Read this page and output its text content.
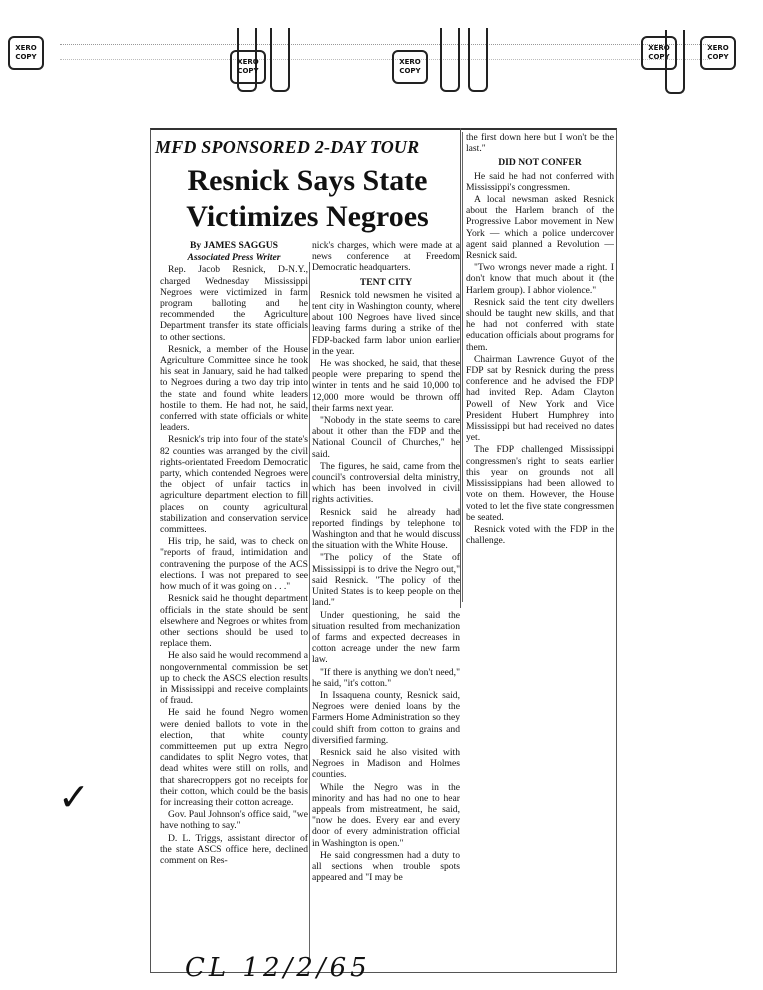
XERO COPY
XERO COPY
XERO COPY
XERO COPY
XERO COPY
MFD SPONSORED 2-DAY TOUR
Resnick Says State
Victimizes Negroes

By JAMES SAGGUS

Associated Press Writer

Rep. Jacob Resnick, D-N.Y., charged Wednesday Mississippi Negroes were victimized in farm program balloting and he recommended the Agriculture Department transfer its state officials to other sections.

Resnick, a member of the House Agriculture Committee since he took his seat in January, said he had talked to Negroes during a two day trip into the state and found white leaders hostile to them. He had not, he said, conferred with state officials or white leaders.

Resnick's trip into four of the state's 82 counties was arranged by the civil rights-orientated Freedom Democratic party, which contended Negroes were the object of unfair tactics in agriculture department election to fill places on county agricultural stabilization and conservation service committees.

His trip, he said, was to check on "reports of fraud, intimidation and contravening the purpose of the ACS elections. I was not prepared to see how much of it was going on . . ."

Resnick said he thought department officials in the state should be sent elsewhere and Negroes or whites from other sections should be used to replace them.

He also said he would recommend a nongovernmental commission be set up to check the ASCS election results in Mississippi and receive complaints of fraud.

He said he found Negro women were denied ballots to vote in the election, that white county committeemen put up extra Negro candidates to split Negro votes, that dead whites were still on rolls, and that sharecroppers got no receipts for their cotton, which could be the basis for increasing their cotton acreage.

Gov. Paul Johnson's office said, "we have nothing to say."

D. L. Triggs, assistant director of the state ASCS office here, declined comment on Res-

nick's charges, which were made at a news conference at Freedom Democratic headquarters.

TENT CITY

Resnick told newsmen he visited a tent city in Washington county, where about 100 Negroes have lived since leaving farms during a strike of the FDP-backed farm labor union earlier in the year.

He was shocked, he said, that these people were preparing to spend the winter in tents and he said 10,000 to 12,000 more would be thrown off their farms next year.

"Nobody in the state seems to care about it other than the FDP and the National Council of Churches," he said.

The figures, he said, came from the council's controversial delta ministry, which has been involved in civil rights activities.

Resnick said he already had reported findings by telephone to Washington and that he would discuss the situation with the White House.

"The policy of the State of Mississippi is to drive the Negro out," said Resnick. "The policy of the United States is to keep people on the land."

Under questioning, he said the situation resulted from mechanization of farms and expected decreases in cotton acreage under the new farm law.

"If there is anything we don't need," he said, "it's cotton."

In Issaquena county, Resnick said, Negroes were denied loans by the Farmers Home Administration so they could shift from cotton to grains and diversified farming.

Resnick said he also visited with Negroes in Madison and Holmes counties.

While the Negro was in the minority and has had no one to hear appeals from mistreatment, he said, "now he does. Every ear and every door of every administration official in Washington is open."

He said congressmen had a duty to all sections when trouble spots appeared and "I may be

the first down here but I won't be the last."

DID NOT CONFER

He said he had not conferred with Mississippi's congressmen.

A local newsman asked Resnick about the Harlem branch of the Progressive Labor movement in New York — which a police undercover agent said planned a Revolution — Resnick said.

"Two wrongs never made a right. I don't know that much about it (the Harlem group). I abhor violence."

Resnick said the tent city dwellers should be taught new skills, and that he had not conferred with state education officials about programs for them.

Chairman Lawrence Guyot of the FDP sat by Resnick during the press conference and he advised the FDP had invited Rep. Adam Clayton Powell of New York and Vice President Hubert Humphrey into Mississippi but had received no dates yet.

The FDP challenged Mississippi congressmen's right to seats earlier this year on grounds not all Mississippians had been allowed to vote on them. However, the House voted to let the five state congressmen be seated.

Resnick voted with the FDP in the challenge.

✓
CL 12/2/65
